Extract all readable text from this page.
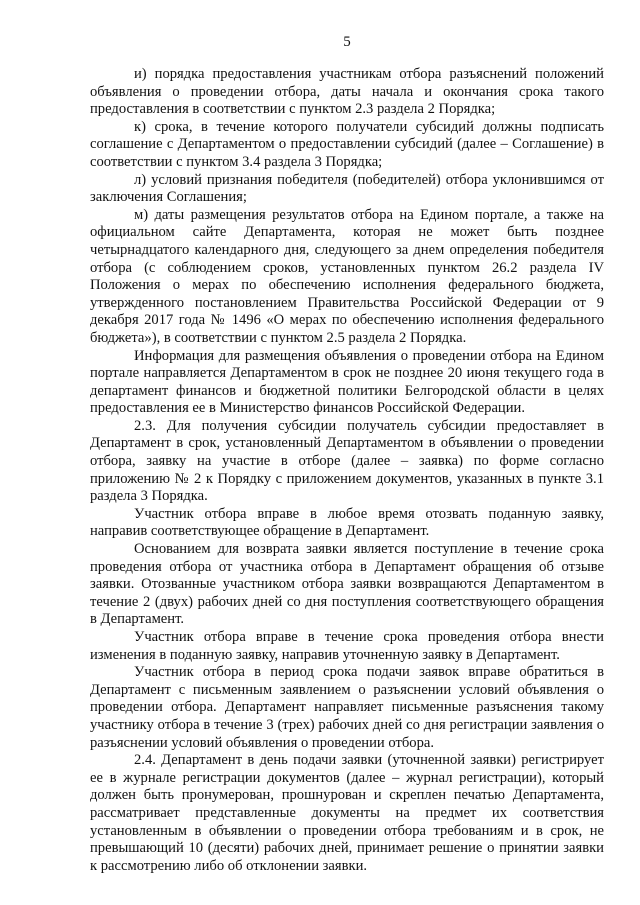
5

и) порядка предоставления участникам отбора разъяснений положений объявления о проведении отбора, даты начала и окончания срока такого предоставления в соответствии с пунктом 2.3 раздела 2 Порядка;

к) срока, в течение которого получатели субсидий должны подписать соглашение с Департаментом о предоставлении субсидий (далее – Соглашение) в соответствии с пунктом 3.4 раздела 3 Порядка;

л) условий признания победителя (победителей) отбора уклонившимся от заключения Соглашения;

м) даты размещения результатов отбора на Едином портале, а также на официальном сайте Департамента, которая не может быть позднее четырнадцатого календарного дня, следующего за днем определения победителя отбора (с соблюдением сроков, установленных пунктом 26.2 раздела IV Положения о мерах по обеспечению исполнения федерального бюджета, утвержденного постановлением Правительства Российской Федерации от 9 декабря 2017 года № 1496 «О мерах по обеспечению исполнения федерального бюджета»), в соответствии с пунктом 2.5 раздела 2 Порядка.

Информация для размещения объявления о проведении отбора на Едином портале направляется Департаментом в срок не позднее 20 июня текущего года в департамент финансов и бюджетной политики Белгородской области в целях предоставления ее в Министерство финансов Российской Федерации.

2.3. Для получения субсидии получатель субсидии предоставляет в Департамент в срок, установленный Департаментом в объявлении о проведении отбора, заявку на участие в отборе (далее – заявка) по форме согласно приложению № 2 к Порядку с приложением документов, указанных в пункте 3.1 раздела 3 Порядка.

Участник отбора вправе в любое время отозвать поданную заявку, направив соответствующее обращение в Департамент.

Основанием для возврата заявки является поступление в течение срока проведения отбора от участника отбора в Департамент обращения об отзыве заявки. Отозванные участником отбора заявки возвращаются Департаментом в течение 2 (двух) рабочих дней со дня поступления соответствующего обращения в Департамент.

Участник отбора вправе в течение срока проведения отбора внести изменения в поданную заявку, направив уточненную заявку в Департамент.

Участник отбора в период срока подачи заявок вправе обратиться в Департамент с письменным заявлением о разъяснении условий объявления о проведении отбора. Департамент направляет письменные разъяснения такому участнику отбора в течение 3 (трех) рабочих дней со дня регистрации заявления о разъяснении условий объявления о проведении отбора.

2.4. Департамент в день подачи заявки (уточненной заявки) регистрирует ее в журнале регистрации документов (далее – журнал регистрации), который должен быть пронумерован, прошнурован и скреплен печатью Департамента, рассматривает представленные документы на предмет их соответствия установленным в объявлении о проведении отбора требованиям и в срок, не превышающий 10 (десяти) рабочих дней, принимает решение о принятии заявки к рассмотрению либо об отклонении заявки.
